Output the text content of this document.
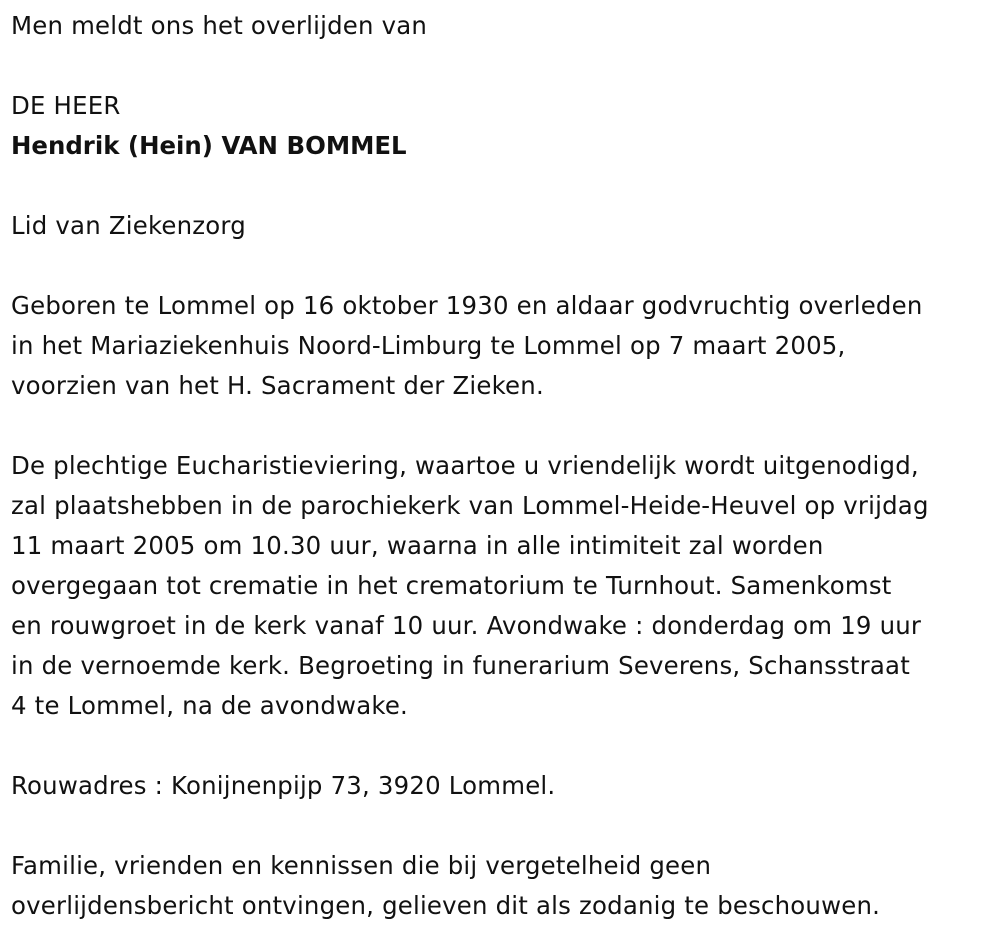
Men meldt ons het overlijden van

DE HEER

Hendrik (Hein) VAN BOMMEL

Lid van Ziekenzorg

Geboren te Lommel op 16 oktober 1930 en aldaar godvruchtig overleden

in het Mariaziekenhuis Noord-Limburg te Lommel op 7 maart 2005,

voorzien van het H. Sacrament der Zieken.

De plechtige Eucharistieviering, waartoe u vriendelijk wordt uitgenodigd,

zal plaatshebben in de parochiekerk van Lommel-Heide-Heuvel op vrijdag

11 maart 2005 om 10.30 uur, waarna in alle intimiteit zal worden

overgegaan tot crematie in het crematorium te Turnhout. Samenkomst

en rouwgroet in de kerk vanaf 10 uur. Avondwake : donderdag om 19 uur

in de vernoemde kerk. Begroeting in funerarium Severens, Schansstraat

4 te Lommel, na de avondwake.

Rouwadres : Konijnenpijp 73, 3920 Lommel.

Familie, vrienden en kennissen die bij vergetelheid geen

overlijdensbericht ontvingen, gelieven dit als zodanig te beschouwen.
